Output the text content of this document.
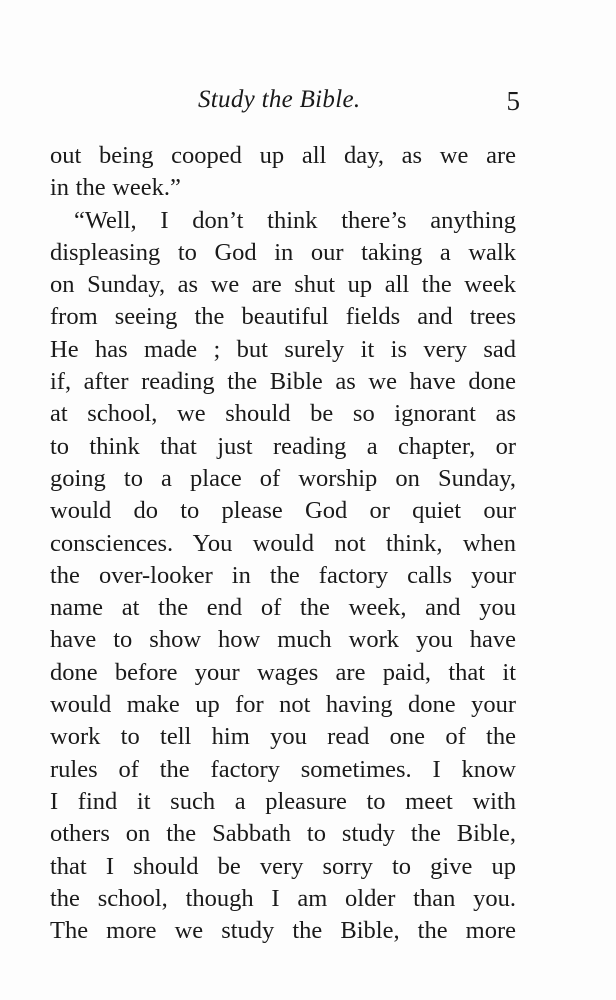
Study the Bible.	5
out being cooped up all day, as we are
in the week.”
“Well, I don’t think there’s anything
displeasing to God in our taking a walk
on Sunday, as we are shut up all the week
from seeing the beautiful fields and trees
He has made ; but surely it is very sad
if, after reading the Bible as we have done
at school, we should be so ignorant as
to think that just reading a chapter, or
going to a place of worship on Sunday,
would do to please God or quiet our
consciences. You would not think, when
the over-looker in the factory calls your
name at the end of the week, and you
have to show how much work you have
done before your wages are paid, that it
would make up for not having done your
work to tell him you read one of the
rules of the factory sometimes. I know
I find it such a pleasure to meet with
others on the Sabbath to study the Bible,
that I should be very sorry to give up
the school, though I am older than you.
The more we study the Bible, the more
